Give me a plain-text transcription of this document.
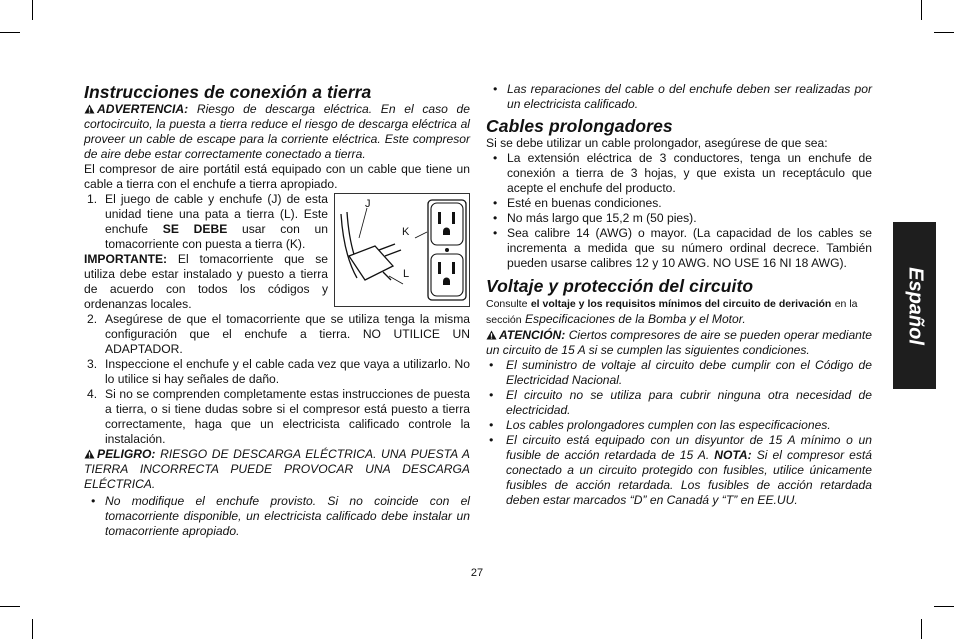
Instrucciones de conexión a tierra

ADVERTENCIA: Riesgo de descarga eléctrica. En el caso de cortocircuito, la puesta a tierra reduce el riesgo de descarga eléctrica al proveer un cable de escape para la corriente eléctrica. Este compresor de aire debe estar correctamente conectado a tierra.

El compresor de aire portátil está equipado con un cable que tiene un cable a tierra con el enchufe a tierra apropiado.

J
K
L
1. El juego de cable y enchufe (J) de esta unidad tiene una pata a tierra (L). Este enchufe SE DEBE usar con un tomacorriente con puesta a tierra (K).

IMPORTANTE: El tomacorriente que se utiliza debe estar instalado y puesto a tierra de acuerdo con todos los códigos y ordenanzas locales.

2. Asegúrese de que el tomacorriente que se utiliza tenga la misma configuración que el enchufe a tierra. NO UTILICE UN ADAPTADOR.
3. Inspeccione el enchufe y el cable cada vez que vaya a utilizarlo. No lo utilice si hay señales de daño.
4. Si no se comprenden completamente estas instrucciones de puesta a tierra, o si tiene dudas sobre si el compresor está puesto a tierra correctamente, haga que un electricista calificado controle la instalación.

PELIGRO: RIESGO DE DESCARGA ELÉCTRICA. UNA PUESTA A TIERRA INCORRECTA PUEDE PROVOCAR UNA DESCARGA ELÉCTRICA.

• No modifique el enchufe provisto. Si no coincide con el tomacorriente disponible, un electricista calificado debe instalar un tomacorriente apropiado.
• Las reparaciones del cable o del enchufe deben ser realizadas por un electricista calificado.
Cables prolongadores

Si se debe utilizar un cable prolongador, asegúrese de que sea:

• La extensión eléctrica de 3 conductores, tenga un enchufe de conexión a tierra de 3 hojas, y que exista un receptáculo que acepte el enchufe del producto.
• Esté en buenas condiciones.
• No más largo que 15,2 m (50 pies).
• Sea calibre 14 (AWG) o mayor. (La capacidad de los cables se incrementa a medida que su número ordinal decrece. También pueden usarse calibres 12 y 10 AWG. NO USE 16 NI 18 AWG).
Voltaje y protección del circuito

Consulte el voltaje y los requisitos mínimos del circuito de derivación en la sección Especificaciones de la Bomba y el Motor.

ATENCIÓN: Ciertos compresores de aire se pueden operar mediante un circuito de 15 A si se cumplen las siguientes condiciones.

• El suministro de voltaje al circuito debe cumplir con el Código de Electricidad Nacional.
• El circuito no se utiliza para cubrir ninguna otra necesidad de electricidad.
• Los cables prolongadores cumplen con las especificaciones.
• El circuito está equipado con un disyuntor de 15 A mínimo o un fusible de acción retardada de 15 A. NOTA: Si el compresor está conectado a un circuito protegido con fusibles, utilice únicamente fusibles de acción retardada. Los fusibles de acción retardada deben estar marcados “D” en Canadá y “T” en EE.UU.
Español
27
